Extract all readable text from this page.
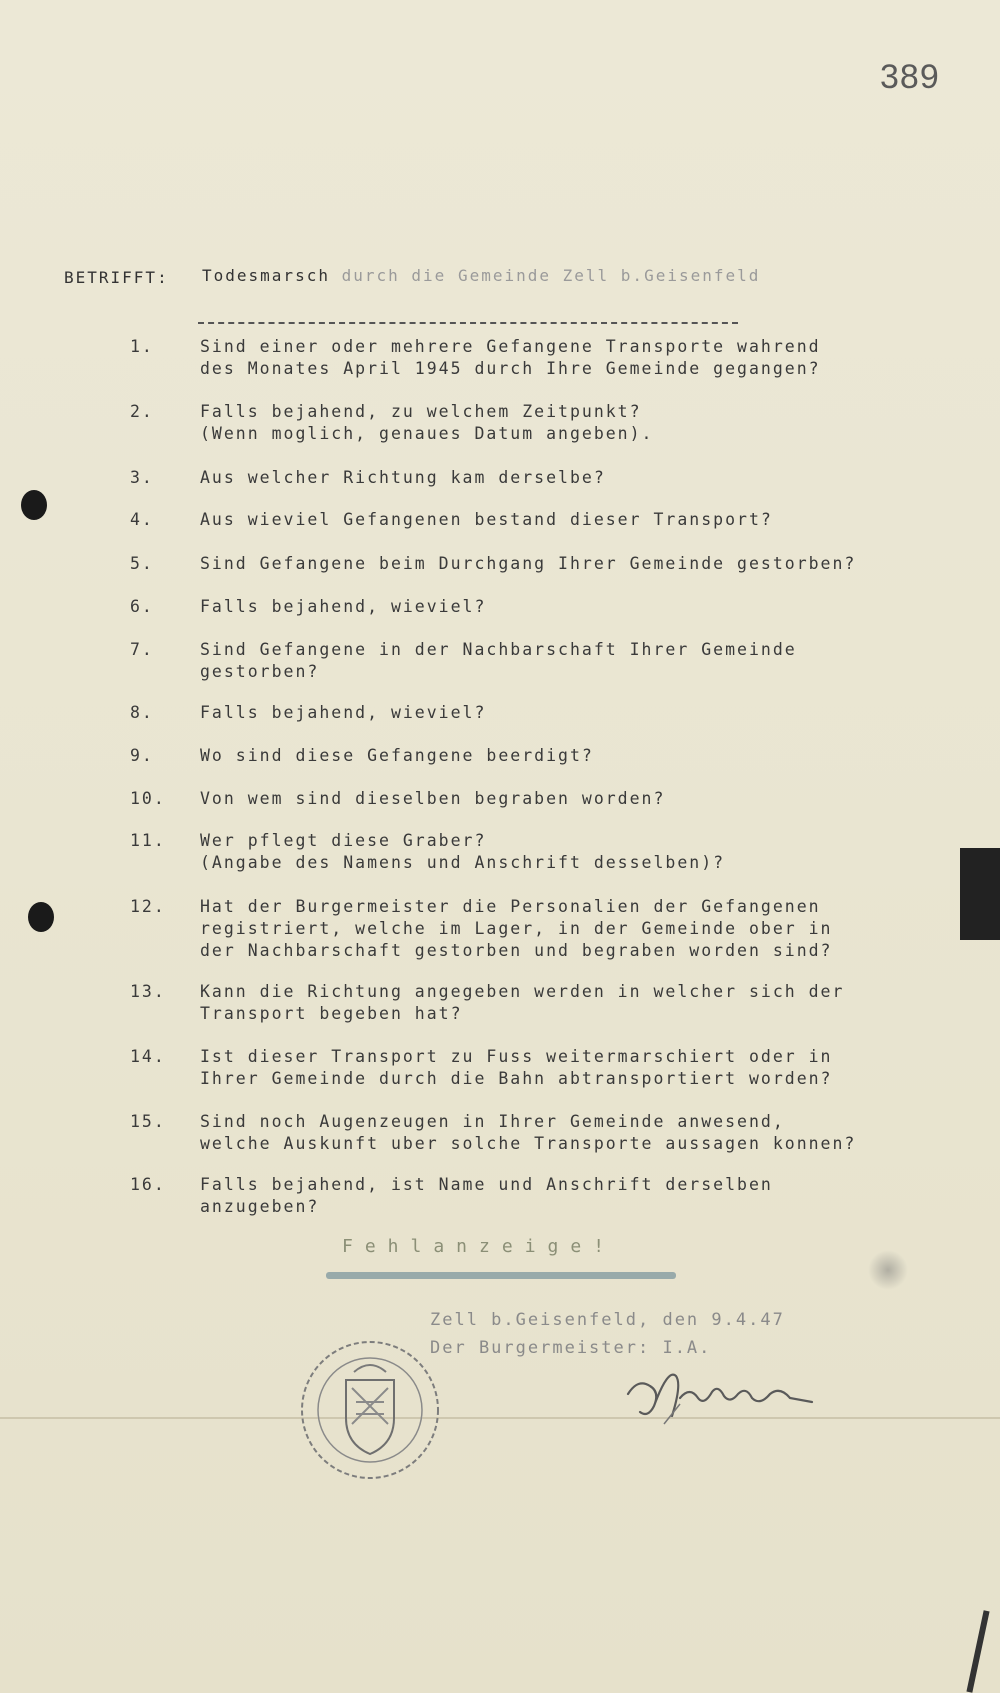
389
BETRIFFT: Todesmarsch durch die Gemeinde Zell b.Geisenfeld
1.	Sind einer oder mehrere Gefangene Transporte wahrend
des Monates April 1945 durch Ihre Gemeinde gegangen?
2.	Falls bejahend, zu welchem Zeitpunkt?
(Wenn moglich, genaues Datum angeben).
3.	Aus welcher Richtung kam derselbe?
4.	Aus wieviel Gefangenen bestand dieser Transport?
5.	Sind Gefangene beim Durchgang Ihrer Gemeinde gestorben?
6.	Falls bejahend, wieviel?
7.	Sind Gefangene in der Nachbarschaft Ihrer Gemeinde
gestorben?
8.	Falls bejahend, wieviel?
9.	Wo sind diese Gefangene beerdigt?
10.	Von wem sind dieselben begraben worden?
11.	Wer pflegt diese Graber?
(Angabe des Namens und Anschrift desselben)?
12.	Hat der Burgermeister die Personalien der Gefangenen
registriert, welche im Lager, in der Gemeinde ober in
der Nachbarschaft gestorben und begraben worden sind?
13.	Kann die Richtung angegeben werden in welcher sich der
Transport begeben hat?
14.	Ist dieser Transport zu Fuss weitermarschiert oder in
Ihrer Gemeinde durch die Bahn abtransportiert worden?
15.	Sind noch Augenzeugen in Ihrer Gemeinde anwesend,
welche Auskunft uber solche Transporte aussagen konnen?
16.	Falls bejahend, ist Name und Anschrift derselben
anzugeben?
Fehlanzeige!
Zell b.Geisenfeld, den 9.4.47
Der Burgermeister: I.A.
